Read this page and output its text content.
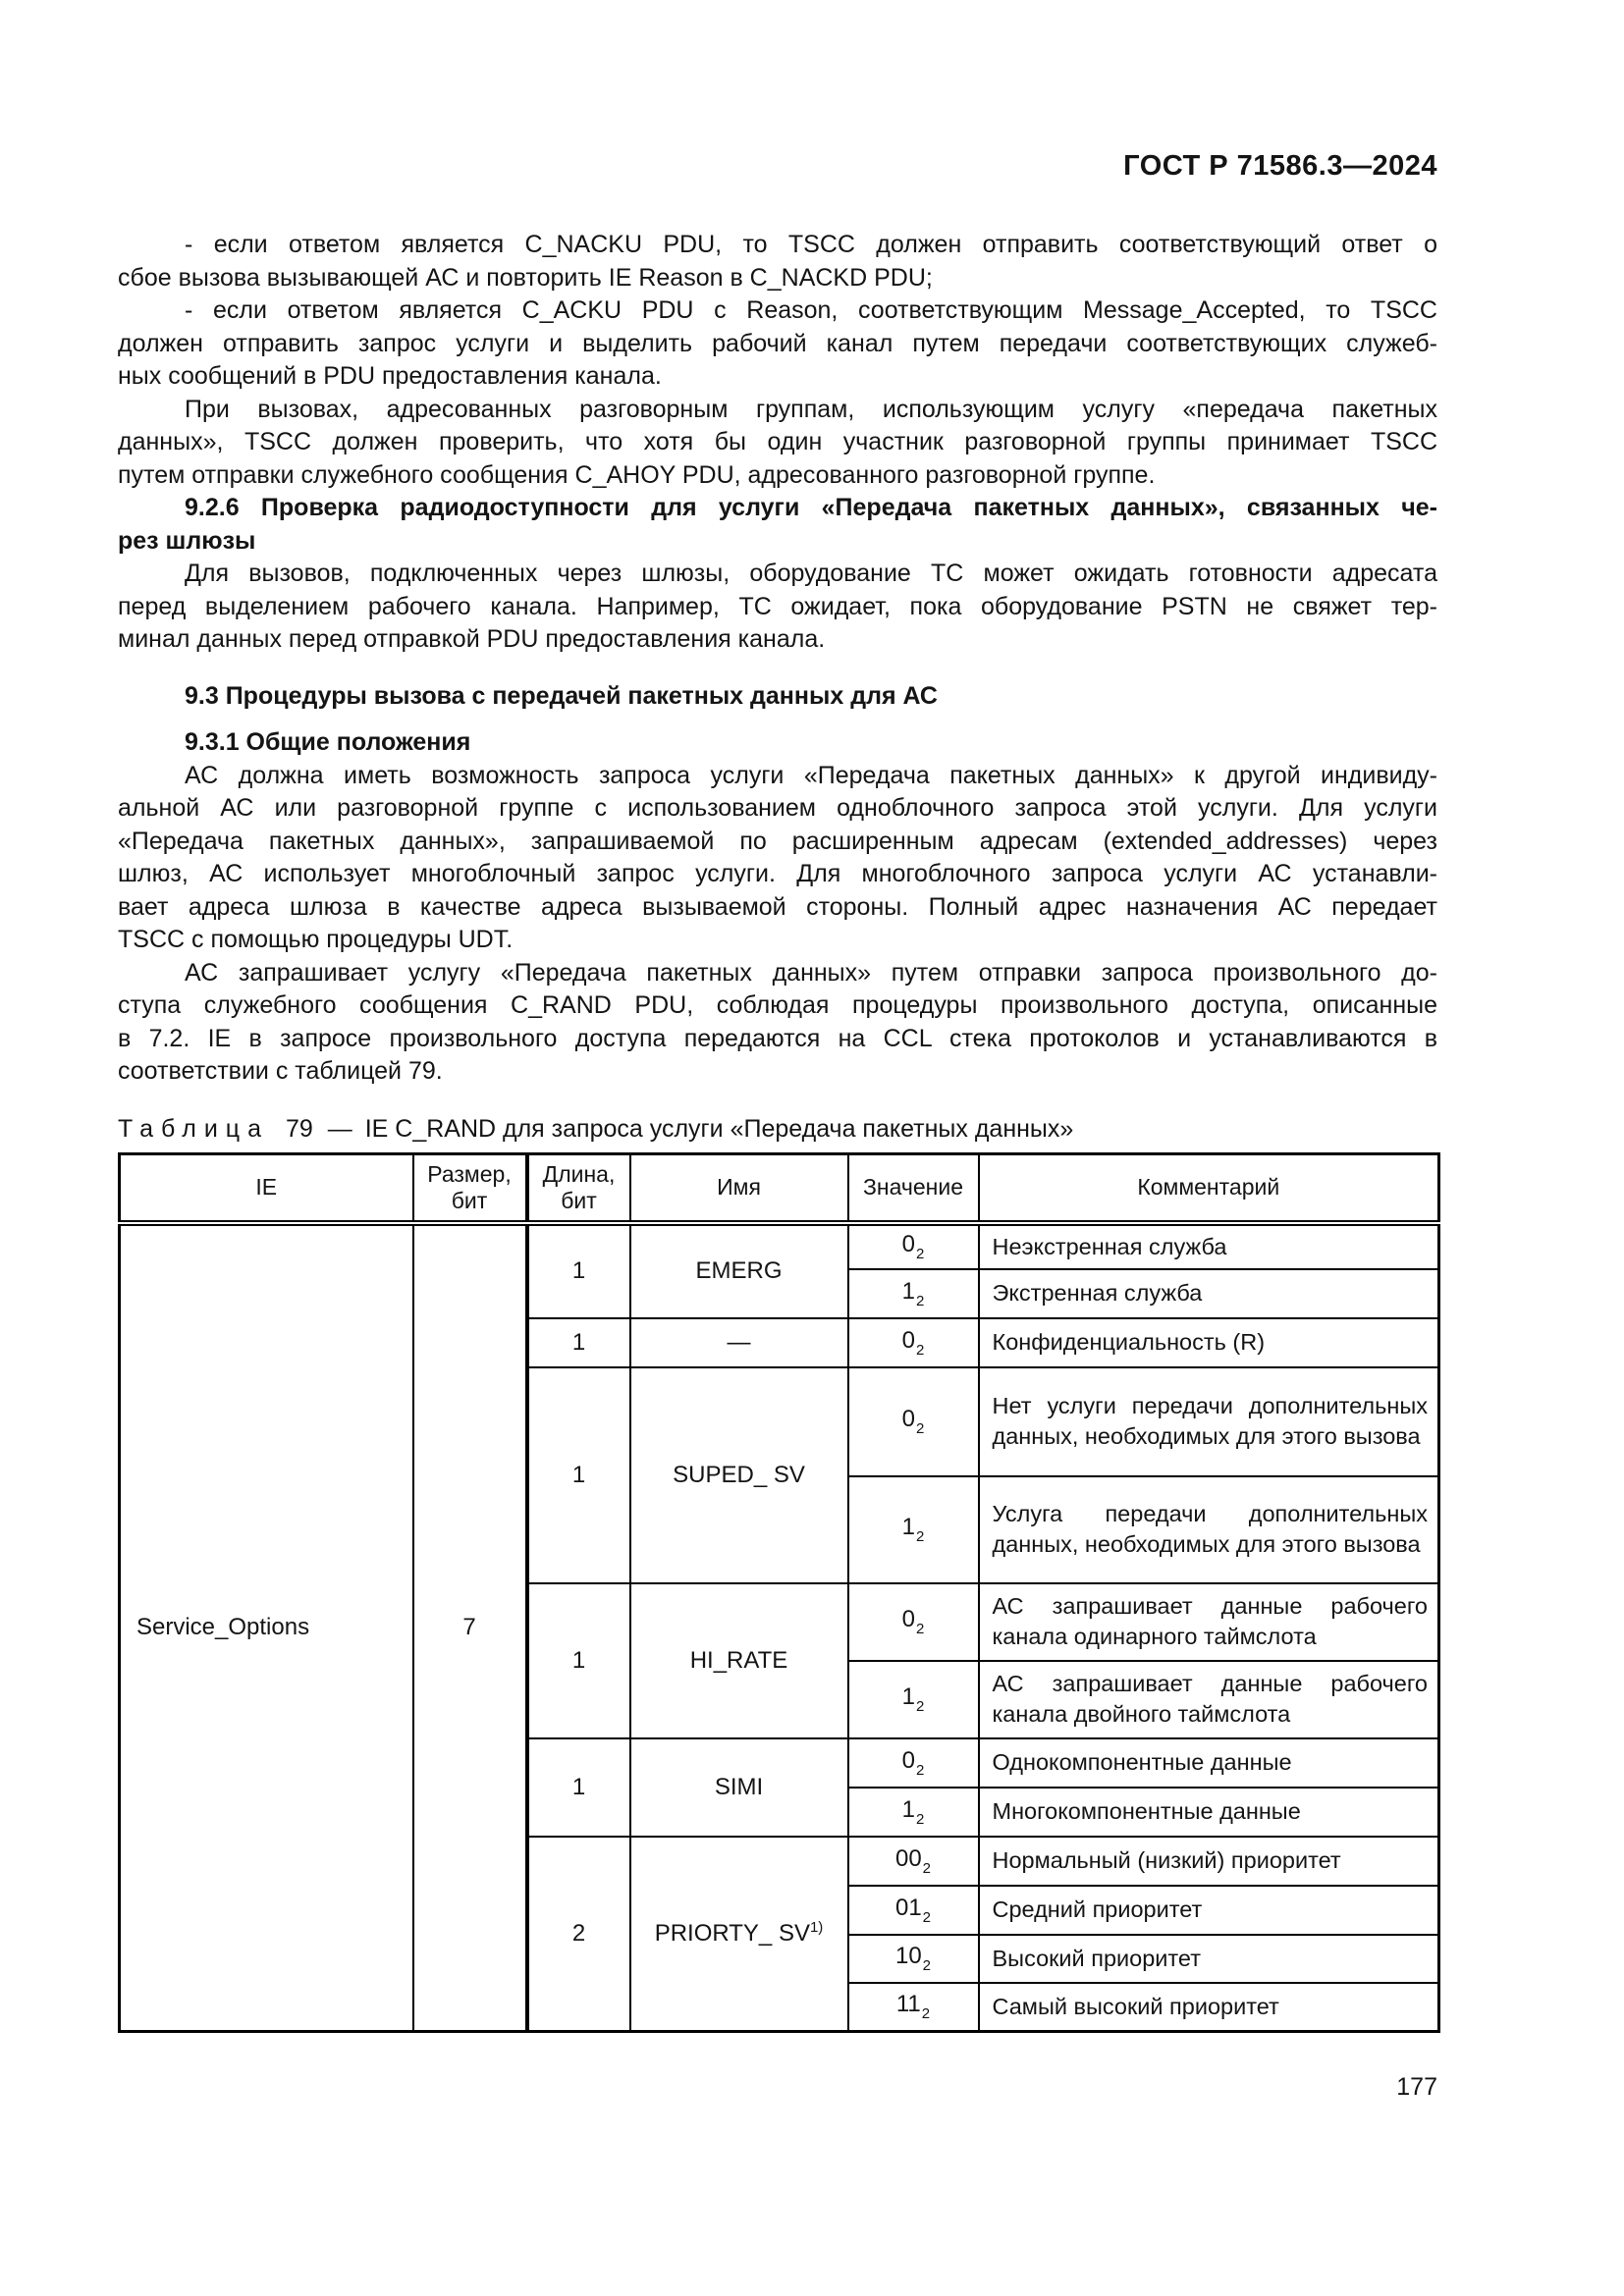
ГОСТ Р 71586.3—2024
- если ответом является C_NACKU PDU, то TSCC должен отправить соответствующий ответ о
сбое вызова вызывающей АС и повторить IE Reason в C_NACKD PDU;
- если ответом является C_ACKU PDU с Reason, соответствующим Message_Accepted, то TSCC
должен отправить запрос услуги и выделить рабочий канал путем передачи соответствующих служеб-
ных сообщений в PDU предоставления канала.
При вызовах, адресованных разговорным группам, использующим услугу «передача пакетных
данных», TSCC должен проверить, что хотя бы один участник разговорной группы принимает TSCC
путем отправки служебного сообщения C_AHOY PDU, адресованного разговорной группе.
9.2.6 Проверка радиодоступности для услуги «Передача пакетных данных», связанных че-
рез шлюзы
Для вызовов, подключенных через шлюзы, оборудование ТС может ожидать готовности адресата
перед выделением рабочего канала. Например, ТС ожидает, пока оборудование PSTN не свяжет тер-
минал данных перед отправкой PDU предоставления канала.
9.3 Процедуры вызова с передачей пакетных данных для АС
9.3.1 Общие положения
АС должна иметь возможность запроса услуги «Передача пакетных данных» к другой индивиду-
альной АС или разговорной группе с использованием одноблочного запроса этой услуги. Для услуги
«Передача пакетных данных», запрашиваемой по расширенным адресам (extended_addresses) через
шлюз, АС использует многоблочный запрос услуги. Для многоблочного запроса услуги АС устанавли-
вает адреса шлюза в качестве адреса вызываемой стороны. Полный адрес назначения АС передает
TSCC с помощью процедуры UDT.
АС запрашивает услугу «Передача пакетных данных» путем отправки запроса произвольного до-
ступа служебного сообщения C_RAND PDU, соблюдая процедуры произвольного доступа, описанные
в 7.2. IE в запросе произвольного доступа передаются на CCL стека протоколов и устанавливаются в
соответствии с таблицей 79.
Таблица 79 — IE C_RAND для запроса услуги «Передача пакетных данных»
IE	Размер, бит	Длина, бит	Имя	Значение	Комментарий
Service_Options	7	1	EMERG	$0_2$	Неэкстренная служба
				$1_2$	Экстренная служба
		1	—	$0_2$	Конфиденциальность (R)
		1	SUPED_ SV	$0_2$	Нет услуги передачи дополнительных данных, необходимых для этого вызова
				$1_2$	Услуга передачи дополнительных данных, необходимых для этого вызова
		1	HI_RATE	$0_2$	АС запрашивает данные рабочего канала одинарного таймслота
				$1_2$	АС запрашивает данные рабочего канала двойного таймслота
		1	SIMI	$0_2$	Однокомпонентные данные
				$1_2$	Многокомпонентные данные
		2	PRIORTY_ SV$^{1)}$	$00_2$	Нормальный (низкий) приоритет
				$01_2$	Средний приоритет
				$10_2$	Высокий приоритет
				$11_2$	Самый высокий приоритет
177
